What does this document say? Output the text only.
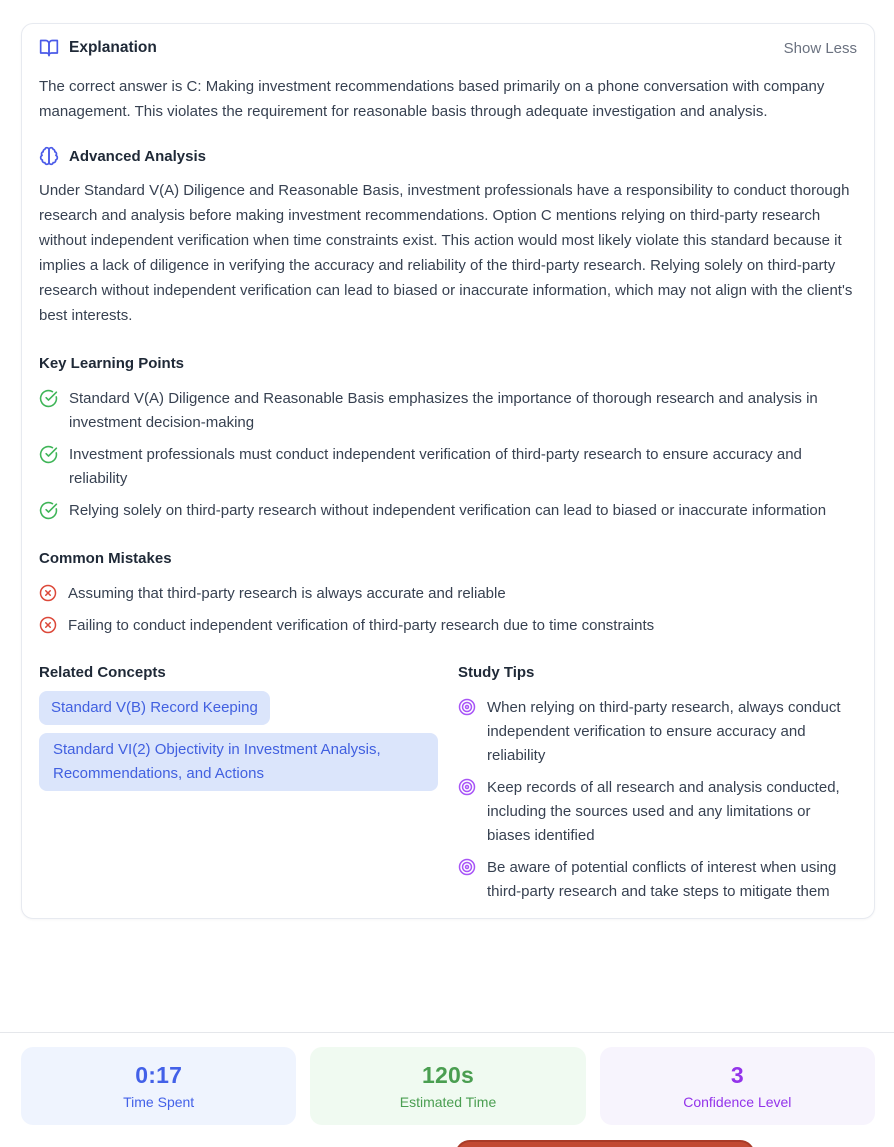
Explanation	Show Less

The correct answer is C: Making investment recommendations based primarily on a phone conversation with company management. This violates the requirement for reasonable basis through adequate investigation and analysis.

Advanced Analysis

Under Standard V(A) Diligence and Reasonable Basis, investment professionals have a responsibility to conduct thorough research and analysis before making investment recommendations. Option C mentions relying on third-party research without independent verification when time constraints exist. This action would most likely violate this standard because it implies a lack of diligence in verifying the accuracy and reliability of the third-party research. Relying solely on third-party research without independent verification can lead to biased or inaccurate information, which may not align with the client's best interests.

Key Learning Points
Standard V(A) Diligence and Reasonable Basis emphasizes the importance of thorough research and analysis in investment decision-making
Investment professionals must conduct independent verification of third-party research to ensure accuracy and reliability
Relying solely on third-party research without independent verification can lead to biased or inaccurate information
Common Mistakes
Assuming that third-party research is always accurate and reliable
Failing to conduct independent verification of third-party research due to time constraints
Related Concepts
Standard V(B) Record Keeping
Standard VI(2) Objectivity in Investment Analysis, Recommendations, and Actions
Study Tips
When relying on third-party research, always conduct independent verification to ensure accuracy and reliability
Keep records of all research and analysis conducted, including the sources used and any limitations or biases identified
Be aware of potential conflicts of interest when using third-party research and take steps to mitigate them
0:17
Time Spent
120s
Estimated Time
3
Confidence Level
